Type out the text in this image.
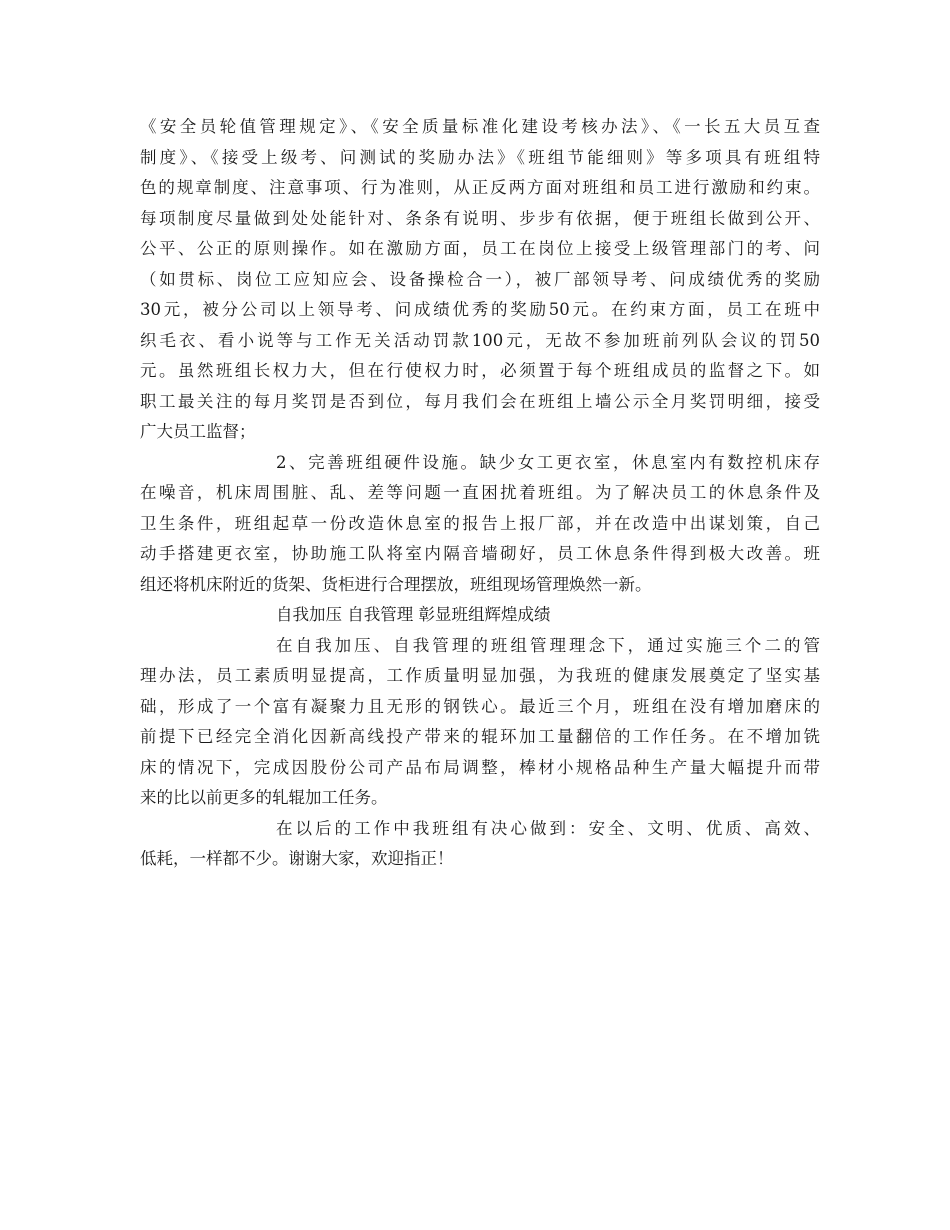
《安全员轮值管理规定》、《安全质量标准化建设考核办法》、《一长五大员互查
制度》、《接受上级考、问测试的奖励办法》《班组节能细则》等多项具有班组特
色的规章制度、注意事项、行为准则，从正反两方面对班组和员工进行激励和约束。
每项制度尽量做到处处能针对、条条有说明、步步有依据，便于班组长做到公开、
公平、公正的原则操作。如在激励方面，员工在岗位上接受上级管理部门的考、问
（如贯标、岗位工应知应会、设备操检合一），被厂部领导考、问成绩优秀的奖励
30元，被分公司以上领导考、问成绩优秀的奖励50元。在约束方面，员工在班中
织毛衣、看小说等与工作无关活动罚款100元，无故不参加班前列队会议的罚50
元。虽然班组长权力大，但在行使权力时，必须置于每个班组成员的监督之下。如
职工最关注的每月奖罚是否到位，每月我们会在班组上墙公示全月奖罚明细，接受
广大员工监督；
2、完善班组硬件设施。缺少女工更衣室，休息室内有数控机床存
在噪音，机床周围脏、乱、差等问题一直困扰着班组。为了解决员工的休息条件及
卫生条件，班组起草一份改造休息室的报告上报厂部，并在改造中出谋划策，自己
动手搭建更衣室，协助施工队将室内隔音墙砌好，员工休息条件得到极大改善。班
组还将机床附近的货架、货柜进行合理摆放，班组现场管理焕然一新。
自我加压 自我管理 彰显班组辉煌成绩
在自我加压、自我管理的班组管理理念下，通过实施三个二的管
理办法，员工素质明显提高，工作质量明显加强，为我班的健康发展奠定了坚实基
础，形成了一个富有凝聚力且无形的钢铁心。最近三个月，班组在没有增加磨床的
前提下已经完全消化因新高线投产带来的辊环加工量翻倍的工作任务。在不增加铣
床的情况下，完成因股份公司产品布局调整，棒材小规格品种生产量大幅提升而带
来的比以前更多的轧辊加工任务。
在以后的工作中我班组有决心做到：安全、文明、优质、高效、
低耗，一样都不少。谢谢大家，欢迎指正！
